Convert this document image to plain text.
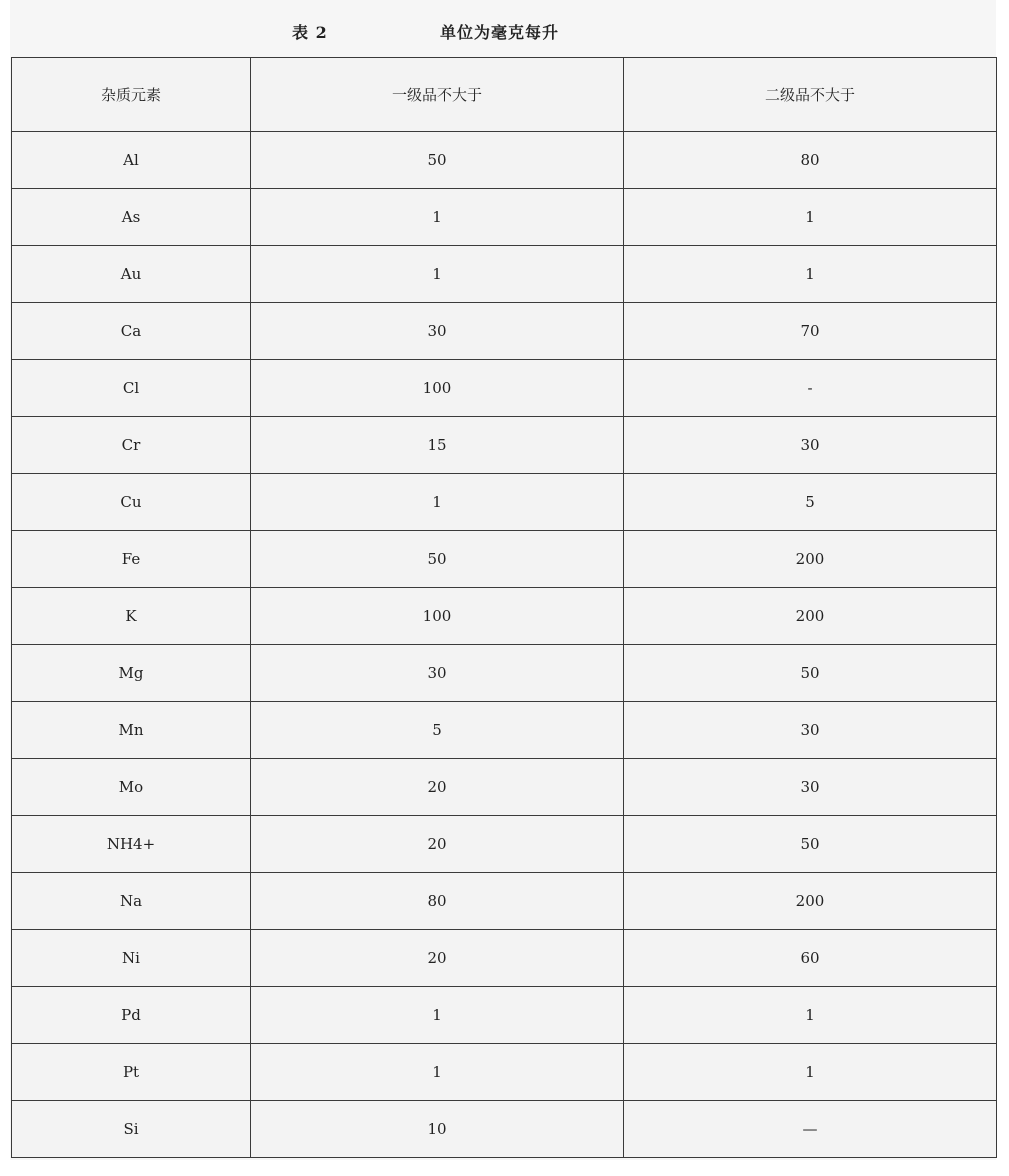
表 2	单位为毫克每升
杂质元素	一级品不大于	二级品不大于
Al	50	80
As	1	1
Au	1	1
Ca	30	70
Cl	100	-
Cr	15	30
Cu	1	5
Fe	50	200
K	100	200
Mg	30	50
Mn	5	30
Mo	20	30
NH4+	20	50
Na	80	200
Ni	20	60
Pd	1	1
Pt	1	1
Si	10	—
